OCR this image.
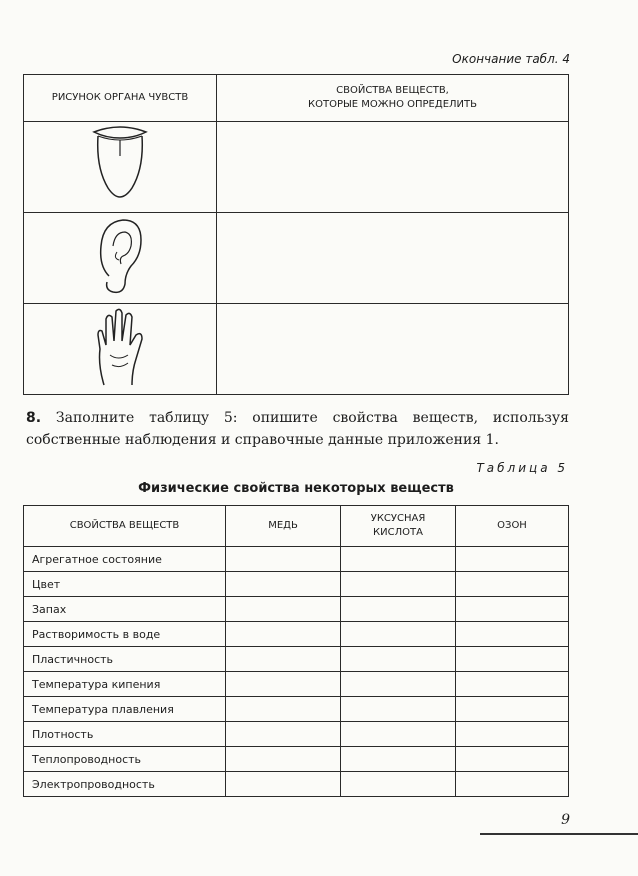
Окончание табл. 4
РИСУНОК ОРГАНА ЧУВСТВ	СВОЙСТВА ВЕЩЕСТВ,
КОТОРЫЕ МОЖНО ОПРЕДЕЛИТЬ

8. Заполните таблицу 5: опишите свойства веществ, используя собственные наблюдения и справочные данные приложения 1.
Таблица 5
Физические свойства некоторых веществ
СВОЙСТВА ВЕЩЕСТВ	МЕДЬ	УКСУСНАЯ
КИСЛОТА	ОЗОН
Агрегатное состояние			
Цвет			
Запах			
Растворимость в воде			
Пластичность			
Температура кипения			
Температура плавления			
Плотность			
Теплопроводность			
Электропроводность			
9
